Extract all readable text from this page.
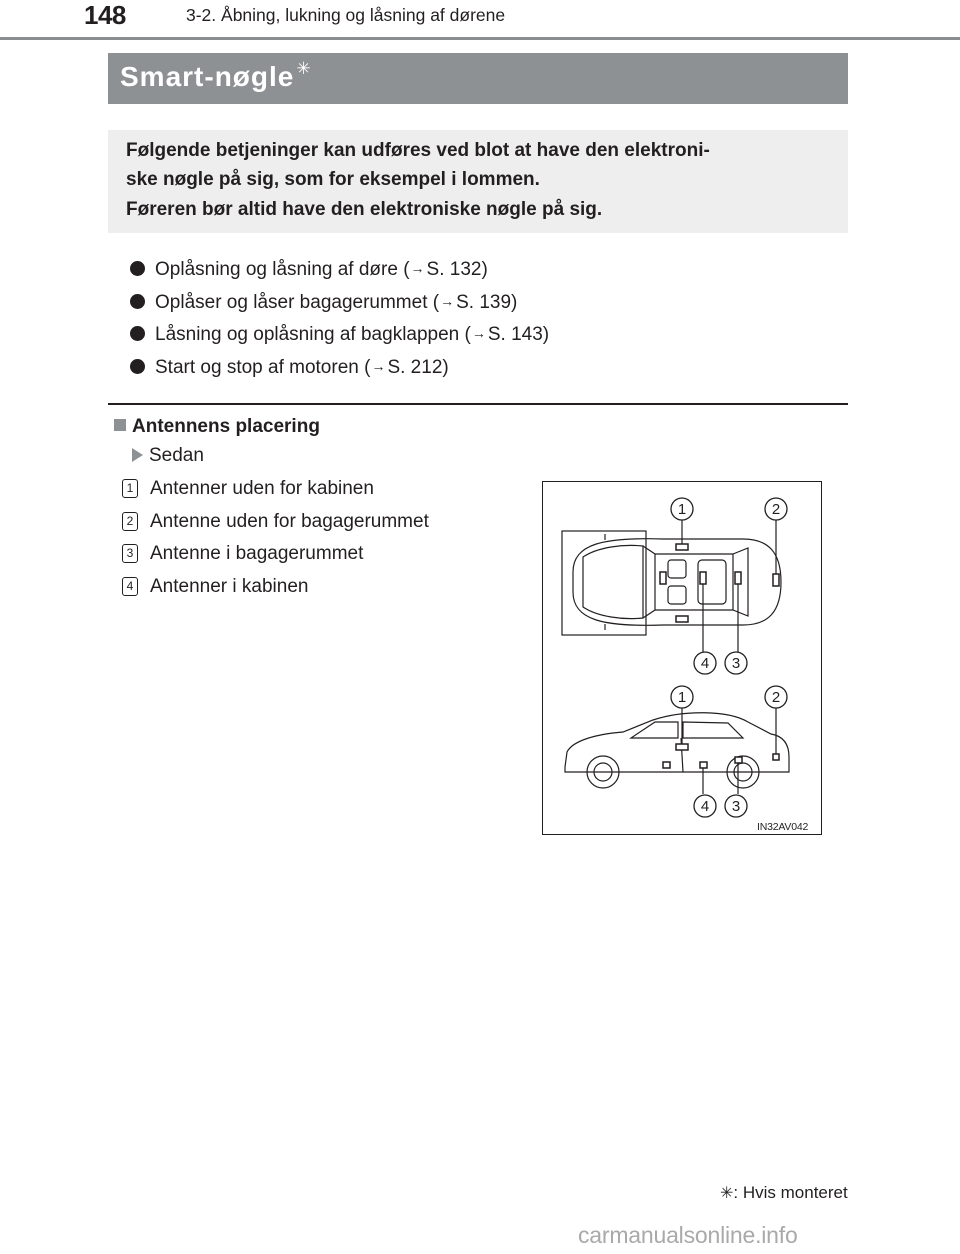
148	3-2. Åbning, lukning og låsning af dørene
Smart-nøgle ✳
Følgende betjeninger kan udføres ved blot at have den elektroni-
ske nøgle på sig, som for eksempel i lommen.
Føreren bør altid have den elektroniske nøgle på sig.
Oplåsning og låsning af døre (→ S. 132)
Oplåser og låser bagagerummet (→ S. 139)
Låsning og oplåsning af bagklappen (→ S. 143)
Start og stop af motoren (→ S. 212)
Antennens placering
Sedan
1 Antenner uden for kabinen
2 Antenne uden for bagagerummet
3 Antenne i bagagerummet
4 Antenner i kabinen
1	2
4 3
1	2
4 3
IN32AV042
✳: Hvis monteret
carmanualsonline.info
